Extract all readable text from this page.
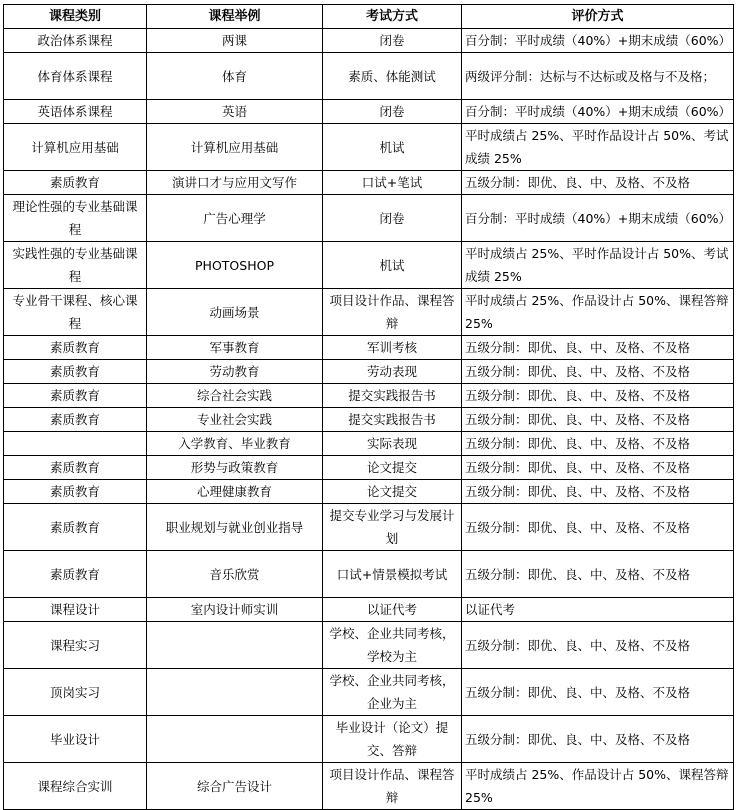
课程类别	课程举例	考试方式	评价方式
政治体系课程	两课	闭卷	百分制：平时成绩（40%）+期末成绩（60%）
体育体系课程	体育	素质、体能测试	两级评分制：达标与不达标或及格与不及格；
英语体系课程	英语	闭卷	百分制：平时成绩（40%）+期末成绩（60%）
计算机应用基础	计算机应用基础	机试	平时成绩占 25%、平时作品设计占 50%、考试成绩 25%
素质教育	演讲口才与应用文写作	口试+笔试	五级分制：即优、良、中、及格、不及格
理论性强的专业基础课程	广告心理学	闭卷	百分制：平时成绩（40%）+期末成绩（60%）
实践性强的专业基础课程	PHOTOSHOP	机试	平时成绩占 25%、平时作品设计占 50%、考试成绩 25%
专业骨干课程、核心课程	动画场景	项目设计作品、课程答辩	平时成绩占 25%、作品设计占 50%、课程答辩 25%
素质教育	军事教育	军训考核	五级分制：即优、良、中、及格、不及格
素质教育	劳动教育	劳动表现	五级分制：即优、良、中、及格、不及格
素质教育	综合社会实践	提交实践报告书	五级分制：即优、良、中、及格、不及格
素质教育	专业社会实践	提交实践报告书	五级分制：即优、良、中、及格、不及格
	入学教育、毕业教育	实际表现	五级分制：即优、良、中、及格、不及格
素质教育	形势与政策教育	论文提交	五级分制：即优、良、中、及格、不及格
素质教育	心理健康教育	论文提交	五级分制：即优、良、中、及格、不及格
素质教育	职业规划与就业创业指导	提交专业学习与发展计划	五级分制：即优、良、中、及格、不及格
素质教育	音乐欣赏	口试+情景模拟考试	五级分制：即优、良、中、及格、不及格
课程设计	室内设计师实训	以证代考	以证代考
课程实习		学校、企业共同考核，学校为主	五级分制：即优、良、中、及格、不及格
顶岗实习		学校、企业共同考核，企业为主	五级分制：即优、良、中、及格、不及格
毕业设计		毕业设计（论文）提交、答辩	五级分制：即优、良、中、及格、不及格
课程综合实训	综合广告设计	项目设计作品、课程答辩	平时成绩占 25%、作品设计占 50%、课程答辩 25%
